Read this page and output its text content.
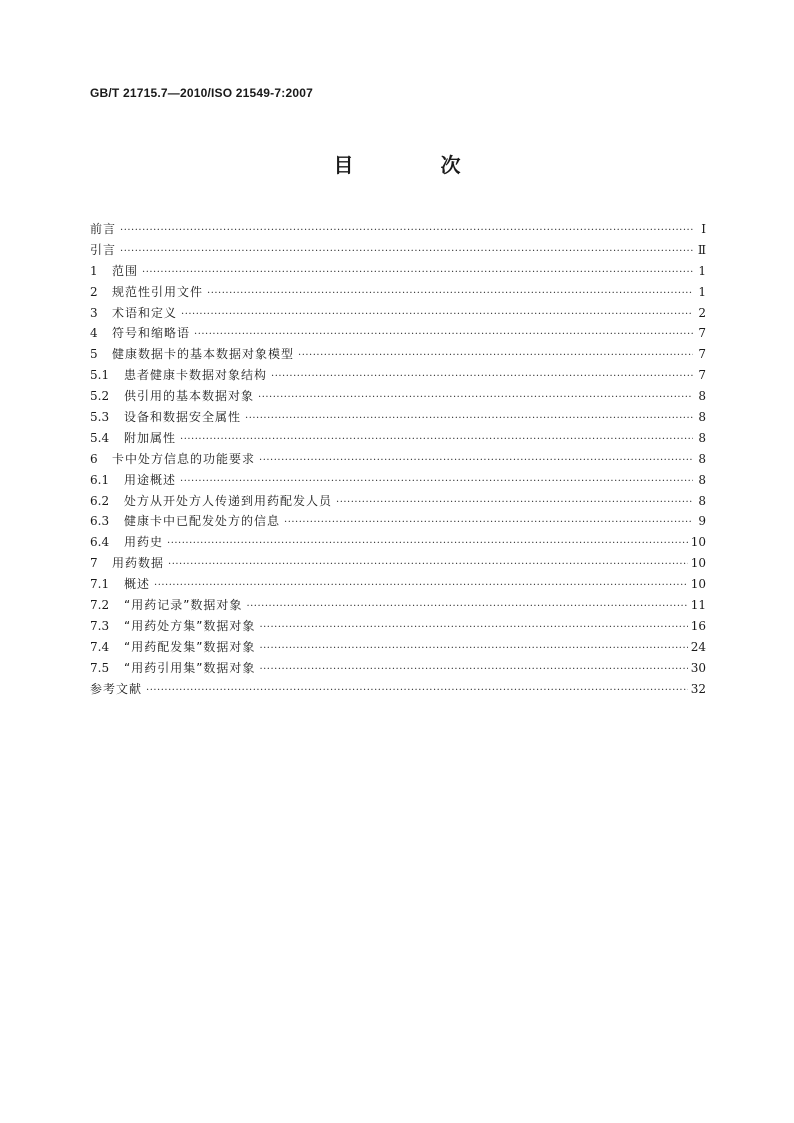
GB/T 21715.7—2010/ISO 21549-7:2007
目 次
前言 ·····	Ⅰ
引言 ·····	Ⅱ
1	范围 ·····	1
2	规范性引用文件 ·····	1
3	术语和定义 ·····	2
4	符号和缩略语 ·····	7
5	健康数据卡的基本数据对象模型 ·····	7
5.1	患者健康卡数据对象结构 ·····	7
5.2	供引用的基本数据对象 ·····	8
5.3	设备和数据安全属性 ·····	8
5.4	附加属性 ·····	8
6	卡中处方信息的功能要求 ·····	8
6.1	用途概述 ·····	8
6.2	处方从开处方人传递到用药配发人员 ·····	8
6.3	健康卡中已配发处方的信息 ·····	9
6.4	用药史 ·····	10
7	用药数据 ·····	10
7.1	概述 ·····	10
7.2	“用药记录”数据对象 ·····	11
7.3	“用药处方集”数据对象 ·····	16
7.4	“用药配发集”数据对象 ·····	24
7.5	“用药引用集”数据对象 ·····	30
参考文献 ·····	32
